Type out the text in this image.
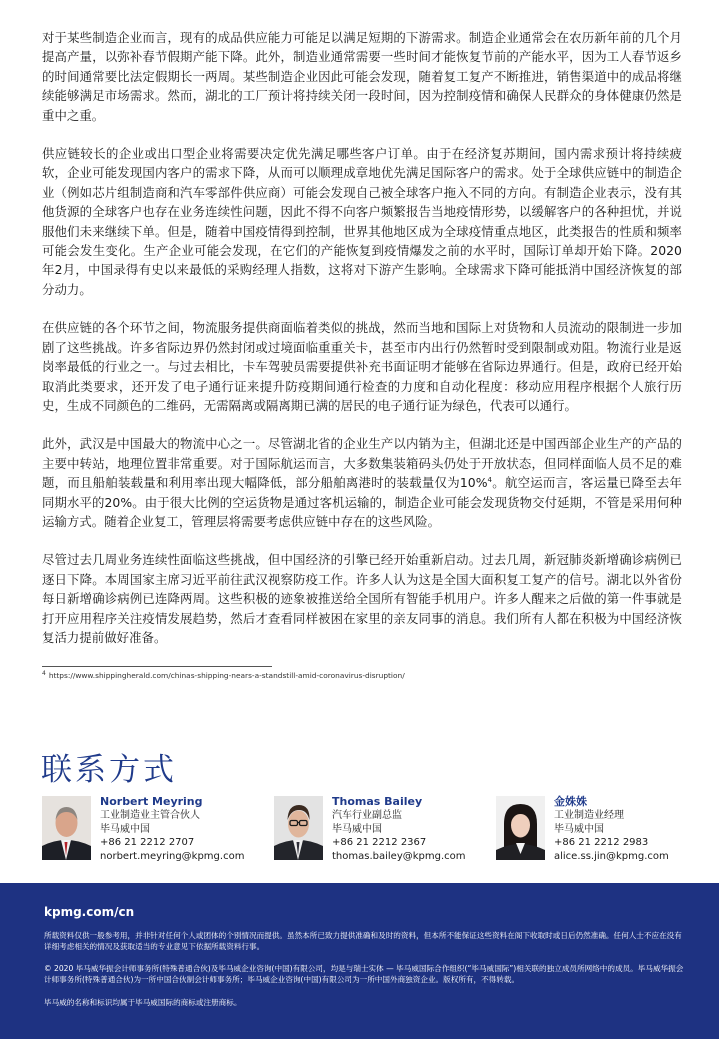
对于某些制造企业而言，现有的成品供应能力可能足以满足短期的下游需求。制造企业通常会在农历新年前的几个月提高产量，以弥补春节假期产能下降。此外，制造业通常需要一些时间才能恢复节前的产能水平，因为工人春节返乡的时间通常要比法定假期长一两周。某些制造企业因此可能会发现，随着复工复产不断推进，销售渠道中的成品将继续能够满足市场需求。然而，湖北的工厂预计将持续关闭一段时间，因为控制疫情和确保人民群众的身体健康仍然是重中之重。

供应链较长的企业或出口型企业将需要决定优先满足哪些客户订单。由于在经济复苏期间，国内需求预计将持续疲软，企业可能发现国内客户的需求下降，从而可以顺理成章地优先满足国际客户的需求。处于全球供应链中的制造企业（例如芯片组制造商和汽车零部件供应商）可能会发现自己被全球客户拖入不同的方向。有制造企业表示，没有其他货源的全球客户也存在业务连续性问题，因此不得不向客户频繁报告当地疫情形势，以缓解客户的各种担忧，并说服他们未来继续下单。但是，随着中国疫情得到控制，世界其他地区成为全球疫情重点地区，此类报告的性质和频率可能会发生变化。生产企业可能会发现，在它们的产能恢复到疫情爆发之前的水平时，国际订单却开始下降。2020年2月，中国录得有史以来最低的采购经理人指数，这将对下游产生影响。全球需求下降可能抵消中国经济恢复的部分动力。

在供应链的各个环节之间，物流服务提供商面临着类似的挑战，然而当地和国际上对货物和人员流动的限制进一步加剧了这些挑战。许多省际边界仍然封闭或过境面临重重关卡，甚至市内出行仍然暂时受到限制或劝阻。物流行业是返岗率最低的行业之一。与过去相比，卡车驾驶员需要提供补充书面证明才能够在省际边界通行。但是，政府已经开始取消此类要求，还开发了电子通行证来提升防疫期间通行检查的力度和自动化程度：移动应用程序根据个人旅行历史，生成不同颜色的二维码，无需隔离或隔离期已满的居民的电子通行证为绿色，代表可以通行。

此外，武汉是中国最大的物流中心之一。尽管湖北省的企业生产以内销为主，但湖北还是中国西部企业生产的产品的主要中转站，地理位置非常重要。对于国际航运而言，大多数集装箱码头仍处于开放状态，但同样面临人员不足的难题，而且船舶装载量和利用率出现大幅降低，部分船舶离港时的装载量仅为10%$^4$。航空运而言，客运量已降至去年同期水平的20%。由于很大比例的空运货物是通过客机运输的，制造企业可能会发现货物交付延期，不管是采用何种运输方式。随着企业复工，管理层将需要考虑供应链中存在的这些风险。

尽管过去几周业务连续性面临这些挑战，但中国经济的引擎已经开始重新启动。过去几周，新冠肺炎新增确诊病例已逐日下降。本周国家主席习近平前往武汉视察防疫工作。许多人认为这是全国大面积复工复产的信号。湖北以外省份每日新增确诊病例已连降两周。这些积极的迹象被推送给全国所有智能手机用户。许多人醒来之后做的第一件事就是打开应用程序关注疫情发展趋势，然后才查看同样被困在家里的亲友同事的消息。我们所有人都在积极为中国经济恢复活力提前做好准备。

$^4$ https://www.shippingherald.com/chinas-shipping-nears-a-standstill-amid-coronavirus-disruption/

联系方式
Norbert Meyring
工业制造业主管合伙人
毕马威中国
+86 21 2212 2707
norbert.meyring@kpmg.com
Thomas Bailey
汽车行业副总监
毕马威中国
+86 21 2212 2367
thomas.bailey@kpmg.com
金姝姝
工业制造业经理
毕马威中国
+86 21 2212 2983
alice.ss.jin@kpmg.com

kpmg.com/cn

所载资料仅供一般参考用，并非针对任何个人或团体的个别情况而提供。虽然本所已致力提供准确和及时的资料，但本所不能保证这些资料在阁下收取时或日后仍然准确。任何人士不应在没有详细考虑相关的情况及获取适当的专业意见下依据所载资料行事。

© 2020 毕马威华振会计师事务所(特殊普通合伙)及毕马威企业咨询(中国)有限公司，均是与瑞士实体 — 毕马威国际合作组织(“毕马威国际”)相关联的独立成员所网络中的成员。毕马威华振会计师事务所(特殊普通合伙)为一所中国合伙制会计师事务所；毕马威企业咨询(中国)有限公司为一所中国外商独资企业。版权所有，不得转载。

毕马威的名称和标识均属于毕马威国际的商标或注册商标。
